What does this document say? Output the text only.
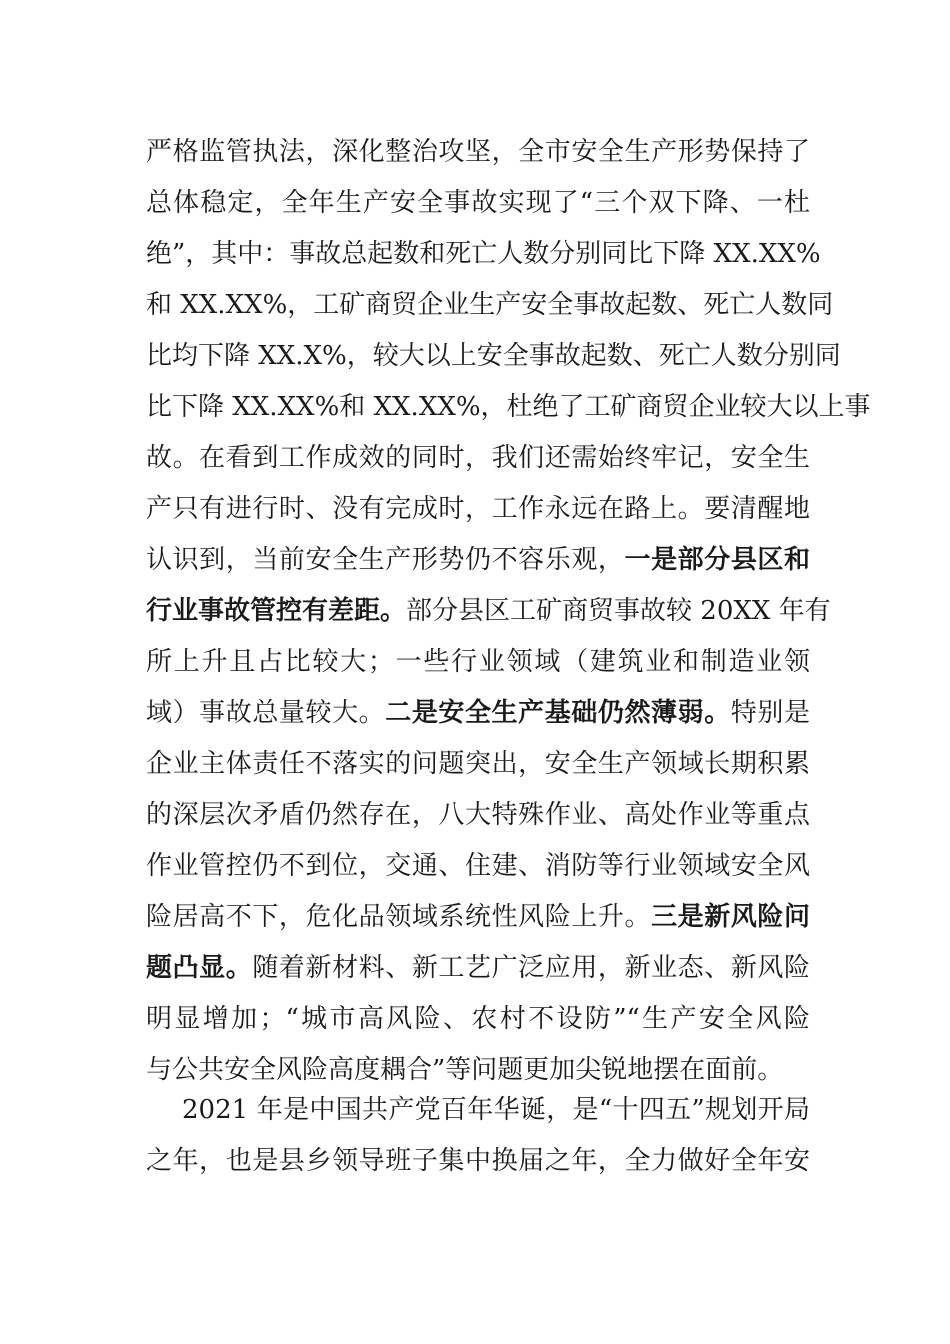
严格监管执法，深化整治攻坚，全市安全生产形势保持了
总体稳定，全年生产安全事故实现了“三个双下降、一杜
绝”，其中：事故总起数和死亡人数分别同比下降 XX.XX%
和 XX.XX%，工矿商贸企业生产安全事故起数、死亡人数同
比均下降 XX.X%，较大以上安全事故起数、死亡人数分别同
比下降 XX.XX%和 XX.XX%，杜绝了工矿商贸企业较大以上事
故。在看到工作成效的同时，我们还需始终牢记，安全生
产只有进行时、没有完成时，工作永远在路上。要清醒地
认识到，当前安全生产形势仍不容乐观，一是部分县区和
行业事故管控有差距。部分县区工矿商贸事故较 20XX 年有
所上升且占比较大；一些行业领域（建筑业和制造业领
域）事故总量较大。二是安全生产基础仍然薄弱。特别是
企业主体责任不落实的问题突出，安全生产领域长期积累
的深层次矛盾仍然存在，八大特殊作业、高处作业等重点
作业管控仍不到位，交通、住建、消防等行业领域安全风
险居高不下，危化品领域系统性风险上升。三是新风险问
题凸显。随着新材料、新工艺广泛应用，新业态、新风险
明显增加；“城市高风险、农村不设防”“生产安全风险
与公共安全风险高度耦合”等问题更加尖锐地摆在面前。
2021 年是中国共产党百年华诞，是“十四五”规划开局
之年，也是县乡领导班子集中换届之年，全力做好全年安
